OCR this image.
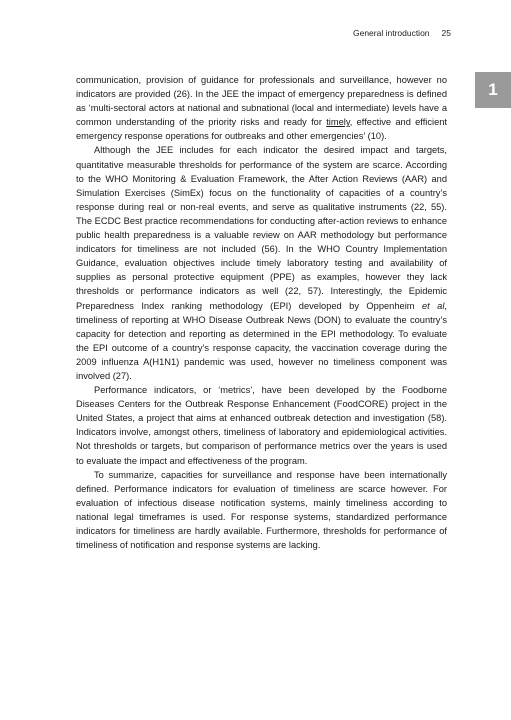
General introduction 25
1

communication, provision of guidance for professionals and surveillance, however no indicators are provided (26). In the JEE the impact of emergency preparedness is defined as ‘multi-sectoral actors at national and subnational (local and intermediate) levels have a common understanding of the priority risks and ready for timely, effective and efficient emergency response operations for outbreaks and other emergencies’ (10).

Although the JEE includes for each indicator the desired impact and targets, quantitative measurable thresholds for performance of the system are scarce. According to the WHO Monitoring & Evaluation Framework, the After Action Reviews (AAR) and Simulation Exercises (SimEx) focus on the functionality of capacities of a country’s response during real or non-real events, and serve as qualitative instruments (22, 55). The ECDC Best practice recommendations for conducting after-action reviews to enhance public health preparedness is a valuable review on AAR methodology but performance indicators for timeliness are not included (56). In the WHO Country Implementation Guidance, evaluation objectives include timely laboratory testing and availability of supplies as personal protective equipment (PPE) as examples, however they lack thresholds or performance indicators as well (22, 57). Interestingly, the Epidemic Preparedness Index ranking methodology (EPI) developed by Oppenheim et al, timeliness of reporting at WHO Disease Outbreak News (DON) to evaluate the country’s capacity for detection and reporting as determined in the EPI methodology. To evaluate the EPI outcome of a country’s response capacity, the vaccination coverage during the 2009 influenza A(H1N1) pandemic was used, however no timeliness component was involved (27).

Performance indicators, or ‘metrics’, have been developed by the Foodborne Diseases Centers for the Outbreak Response Enhancement (FoodCORE) project in the United States, a project that aims at enhanced outbreak detection and investigation (58). Indicators involve, amongst others, timeliness of laboratory and epidemiological activities. Not thresholds or targets, but comparison of performance metrics over the years is used to evaluate the impact and effectiveness of the program.

To summarize, capacities for surveillance and response have been internationally defined. Performance indicators for evaluation of timeliness are scarce however. For evaluation of infectious disease notification systems, mainly timeliness according to national legal timeframes is used. For response systems, standardized performance indicators for timeliness are hardly available. Furthermore, thresholds for performance of timeliness of notification and response systems are lacking.
